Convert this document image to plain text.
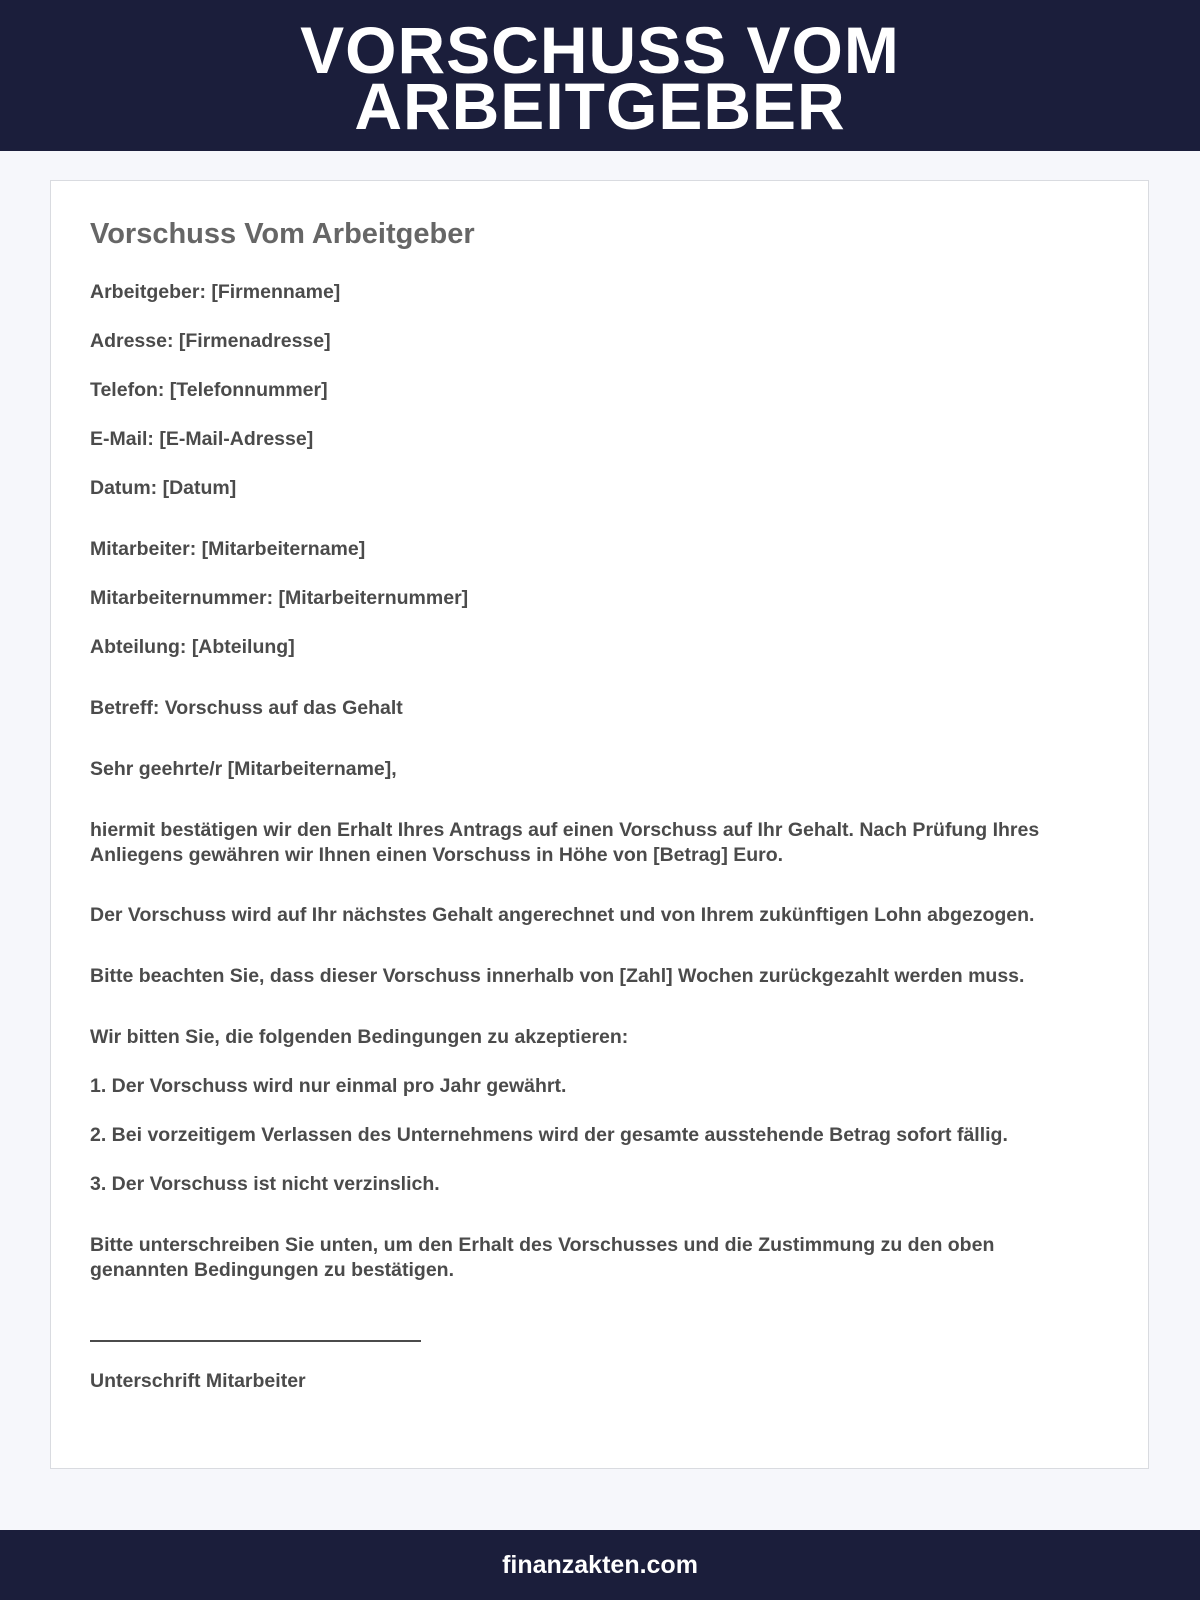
VORSCHUSS VOM ARBEITGEBER
Vorschuss Vom Arbeitgeber

Arbeitgeber: [Firmenname]

Adresse: [Firmenadresse]

Telefon: [Telefonnummer]

E-Mail: [E-Mail-Adresse]

Datum: [Datum]

Mitarbeiter: [Mitarbeitername]

Mitarbeiternummer: [Mitarbeiternummer]

Abteilung: [Abteilung]

Betreff: Vorschuss auf das Gehalt

Sehr geehrte/r [Mitarbeitername],

hiermit bestätigen wir den Erhalt Ihres Antrags auf einen Vorschuss auf Ihr Gehalt. Nach Prüfung Ihres Anliegens gewähren wir Ihnen einen Vorschuss in Höhe von [Betrag] Euro.

Der Vorschuss wird auf Ihr nächstes Gehalt angerechnet und von Ihrem zukünftigen Lohn abgezogen.

Bitte beachten Sie, dass dieser Vorschuss innerhalb von [Zahl] Wochen zurückgezahlt werden muss.

Wir bitten Sie, die folgenden Bedingungen zu akzeptieren:

1. Der Vorschuss wird nur einmal pro Jahr gewährt.

2. Bei vorzeitigem Verlassen des Unternehmens wird der gesamte ausstehende Betrag sofort fällig.

3. Der Vorschuss ist nicht verzinslich.

Bitte unterschreiben Sie unten, um den Erhalt des Vorschusses und die Zustimmung zu den oben genannten Bedingungen zu bestätigen.

Unterschrift Mitarbeiter

finanzakten.com
